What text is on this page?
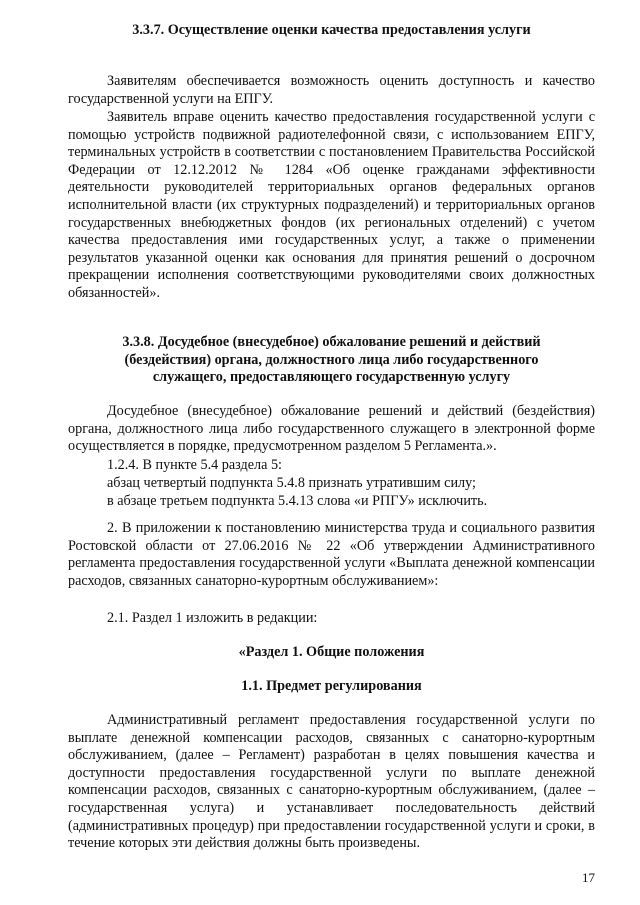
3.3.7. Осуществление оценки качества предоставления услуги

Заявителям обеспечивается возможность оценить доступность и качество государственной услуги на ЕПГУ.

Заявитель вправе оценить качество предоставления государственной услуги с помощью устройств подвижной радиотелефонной связи, с использованием ЕПГУ, терминальных устройств в соответствии с постановлением Правительства Российской Федерации от 12.12.2012 № 1284 «Об оценке гражданами эффективности деятельности руководителей территориальных органов федеральных органов исполнительной власти (их структурных подразделений) и территориальных органов государственных внебюджетных фондов (их региональных отделений) с учетом качества предоставления ими государственных услуг, а также о применении результатов указанной оценки как основания для принятия решений о досрочном прекращении исполнения соответствующими руководителями своих должностных обязанностей».

3.3.8. Досудебное (внесудебное) обжалование решений и действий (бездействия) органа, должностного лица либо государственного служащего, предоставляющего государственную услугу

Досудебное (внесудебное) обжалование решений и действий (бездействия) органа, должностного лица либо государственного служащего в электронной форме осуществляется в порядке, предусмотренном разделом 5 Регламента.».

1.2.4. В пункте 5.4 раздела 5:

абзац четвертый подпункта 5.4.8 признать утратившим силу;

в абзаце третьем подпункта 5.4.13 слова «и РПГУ» исключить.

2. В приложении к постановлению министерства труда и социального развития Ростовской области от 27.06.2016 № 22 «Об утверждении Административного регламента предоставления государственной услуги «Выплата денежной компенсации расходов, связанных санаторно-курортным обслуживанием»:

2.1. Раздел 1 изложить в редакции:

«Раздел 1. Общие положения
1.1. Предмет регулирования

Административный регламент предоставления государственной услуги по выплате денежной компенсации расходов, связанных с санаторно-курортным обслуживанием, (далее – Регламент) разработан в целях повышения качества и доступности предоставления государственной услуги по выплате денежной компенсации расходов, связанных с санаторно-курортным обслуживанием, (далее – государственная услуга) и устанавливает последовательность действий (административных процедур) при предоставлении государственной услуги и сроки, в течение которых эти действия должны быть произведены.

17
